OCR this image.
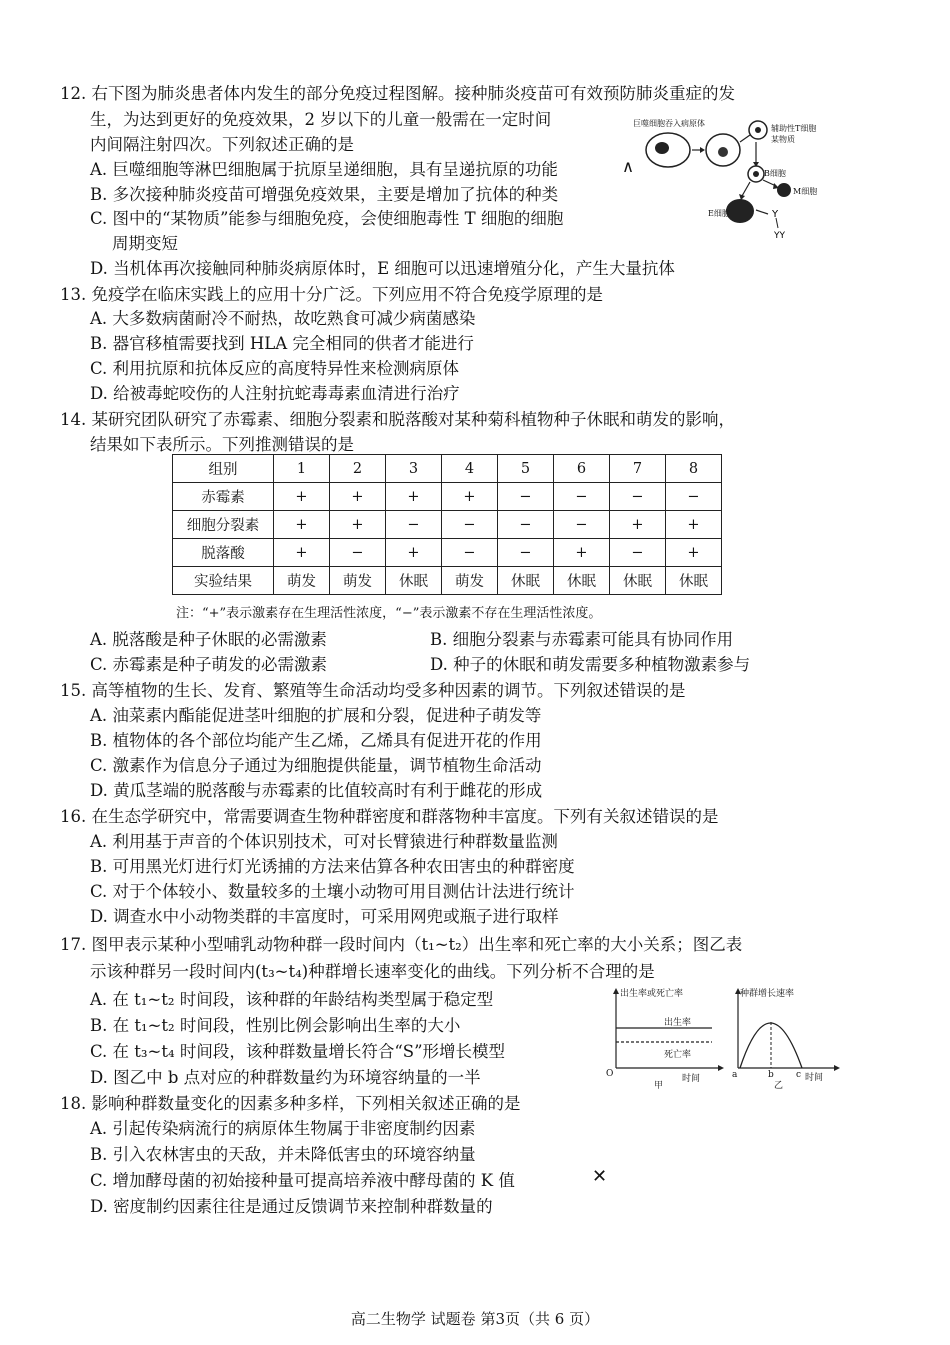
12. 右下图为肺炎患者体内发生的部分免疫过程图解。接种肺炎疫苗可有效预防肺炎重症的发
生，为达到更好的免疫效果，2 岁以下的儿童一般需在一定时间
内间隔注射四次。下列叙述正确的是
A. 巨噬细胞等淋巴细胞属于抗原呈递细胞，具有呈递抗原的功能	∧
B. 多次接种肺炎疫苗可增强免疫效果，主要是增加了抗体的种类
C. 图中的“某物质”能参与细胞免疫，会使细胞毒性 T 细胞的细胞
周期变短
D. 当机体再次接触同种肺炎病原体时，E 细胞可以迅速增殖分化，产生大量抗体
Y
YY
巨噬细胞吞入病原体
辅助性T细胞
某物质
B细胞
M细胞
E细胞
13. 免疫学在临床实践上的应用十分广泛。下列应用不符合免疫学原理的是
A. 大多数病菌耐冷不耐热，故吃熟食可减少病菌感染
B. 器官移植需要找到 HLA 完全相同的供者才能进行
C. 利用抗原和抗体反应的高度特异性来检测病原体
D. 给被毒蛇咬伤的人注射抗蛇毒毒素血清进行治疗
14. 某研究团队研究了赤霉素、细胞分裂素和脱落酸对某种菊科植物种子休眠和萌发的影响，
结果如下表所示。下列推测错误的是
组别	1	2	3	4	5	6	7	8
赤霉素	+	+	+	+	−	−	−	−
细胞分裂素	+	+	−	−	−	−	+	+
脱落酸	+	−	+	−	−	+	−	+
实验结果	萌发	萌发	休眠	萌发	休眠	休眠	休眠	休眠
注：“+”表示激素存在生理活性浓度，“−”表示激素不存在生理活性浓度。
A. 脱落酸是种子休眠的必需激素	B. 细胞分裂素与赤霉素可能具有协同作用
C. 赤霉素是种子萌发的必需激素	D. 种子的休眠和萌发需要多种植物激素参与
15. 高等植物的生长、发育、繁殖等生命活动均受多种因素的调节。下列叙述错误的是
A. 油菜素内酯能促进茎叶细胞的扩展和分裂，促进种子萌发等
B. 植物体的各个部位均能产生乙烯，乙烯具有促进开花的作用
C. 激素作为信息分子通过为细胞提供能量，调节植物生命活动
D. 黄瓜茎端的脱落酸与赤霉素的比值较高时有利于雌花的形成
16. 在生态学研究中，常需要调查生物种群密度和群落物种丰富度。下列有关叙述错误的是
A. 利用基于声音的个体识别技术，可对长臂猿进行种群数量监测
B. 可用黑光灯进行灯光诱捕的方法来估算各种农田害虫的种群密度
C. 对于个体较小、数量较多的土壤小动物可用目测估计法进行统计
D. 调查水中小动物类群的丰富度时，可采用网兜或瓶子进行取样
17. 图甲表示某种小型哺乳动物种群一段时间内（t₁~t₂）出生率和死亡率的大小关系；图乙表
示该种群另一段时间内(t₃~t₄)种群增长速率变化的曲线。下列分析不合理的是
A. 在 t₁~t₂ 时间段，该种群的年龄结构类型属于稳定型
B. 在 t₁~t₂ 时间段，性别比例会影响出生率的大小
C. 在 t₃~t₄ 时间段，该种群数量增长符合“S”形增长模型
D. 图乙中 b 点对应的种群数量约为环境容纳量的一半
出生率或死亡率
出生率
死亡率
O	时间
甲
种群增长速率
a	b c 时间
乙
18. 影响种群数量变化的因素多种多样，下列相关叙述正确的是
A. 引起传染病流行的病原体生物属于非密度制约因素
B. 引入农林害虫的天敌，并未降低害虫的环境容纳量
C. 增加酵母菌的初始接种量可提高培养液中酵母菌的 K 值	✕
D. 密度制约因素往往是通过反馈调节来控制种群数量的
高二生物学 试题卷 第3页（共 6 页）
